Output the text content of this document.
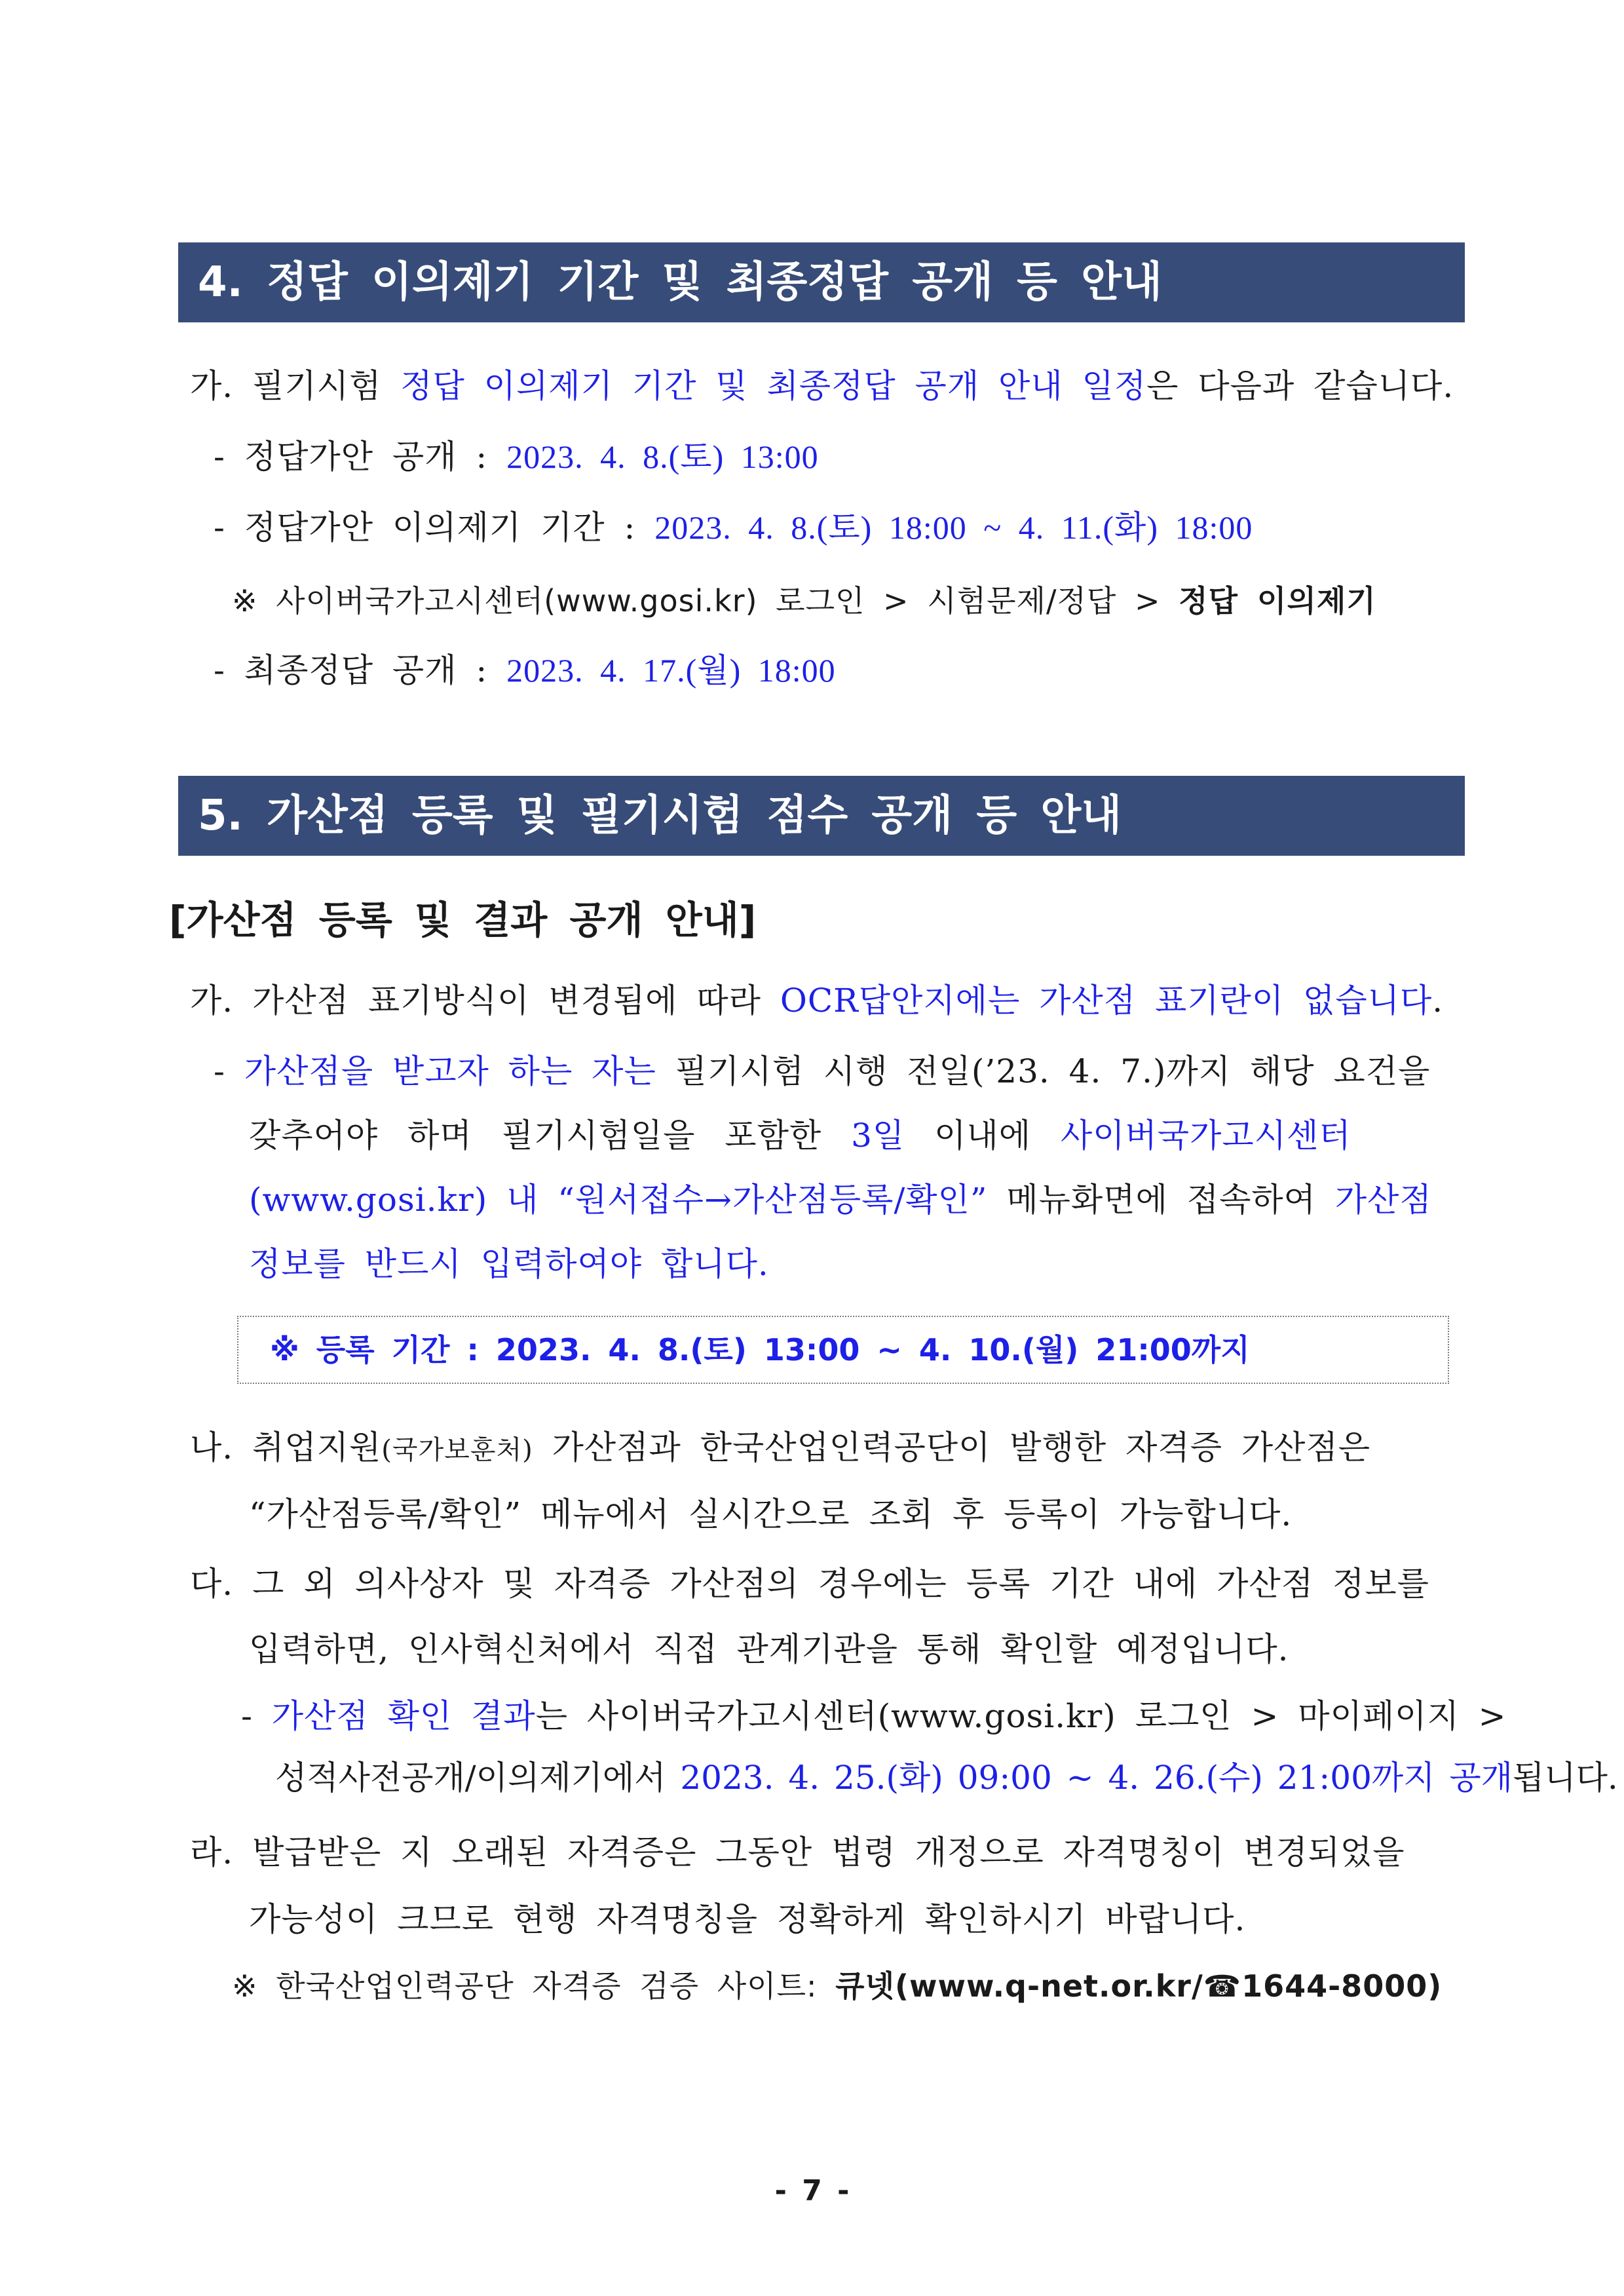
4. 정답 이의제기 기간 및 최종정답 공개 등 안내
가. 필기시험 정답 이의제기 기간 및 최종정답 공개 안내 일정은 다음과 같습니다.
- 정답가안 공개 : 2023. 4. 8.(토) 13:00
- 정답가안 이의제기 기간 : 2023. 4. 8.(토) 18:00 ~ 4. 11.(화) 18:00
※ 사이버국가고시센터(www.gosi.kr) 로그인 > 시험문제/정답 > 정답 이의제기
- 최종정답 공개 : 2023. 4. 17.(월) 18:00
5. 가산점 등록 및 필기시험 점수 공개 등 안내
[가산점 등록 및 결과 공개 안내]
가. 가산점 표기방식이 변경됨에 따라 OCR답안지에는 가산점 표기란이 없습니다.
- 가산점을 받고자 하는 자는 필기시험 시행 전일(’23. 4. 7.)까지 해당 요건을
갖추어야 하며 필기시험일을 포함한 3일 이내에 사이버국가고시센터
(www.gosi.kr) 내 “원서접수→가산점등록/확인” 메뉴화면에 접속하여 가산점
정보를 반드시 입력하여야 합니다.
※ 등록 기간 : 2023. 4. 8.(토) 13:00 ~ 4. 10.(월) 21:00까지
나. 취업지원(국가보훈처) 가산점과 한국산업인력공단이 발행한 자격증 가산점은
“가산점등록/확인” 메뉴에서 실시간으로 조회 후 등록이 가능합니다.
다. 그 외 의사상자 및 자격증 가산점의 경우에는 등록 기간 내에 가산점 정보를
입력하면, 인사혁신처에서 직접 관계기관을 통해 확인할 예정입니다.
- 가산점 확인 결과는 사이버국가고시센터(www.gosi.kr) 로그인 > 마이페이지 >
성적사전공개/이의제기에서 2023. 4. 25.(화) 09:00 ~ 4. 26.(수) 21:00까지 공개됩니다.
라. 발급받은 지 오래된 자격증은 그동안 법령 개정으로 자격명칭이 변경되었을
가능성이 크므로 현행 자격명칭을 정확하게 확인하시기 바랍니다.
※ 한국산업인력공단 자격증 검증 사이트: 큐넷(www.q-net.or.kr/☎1644-8000)
- 7 -
